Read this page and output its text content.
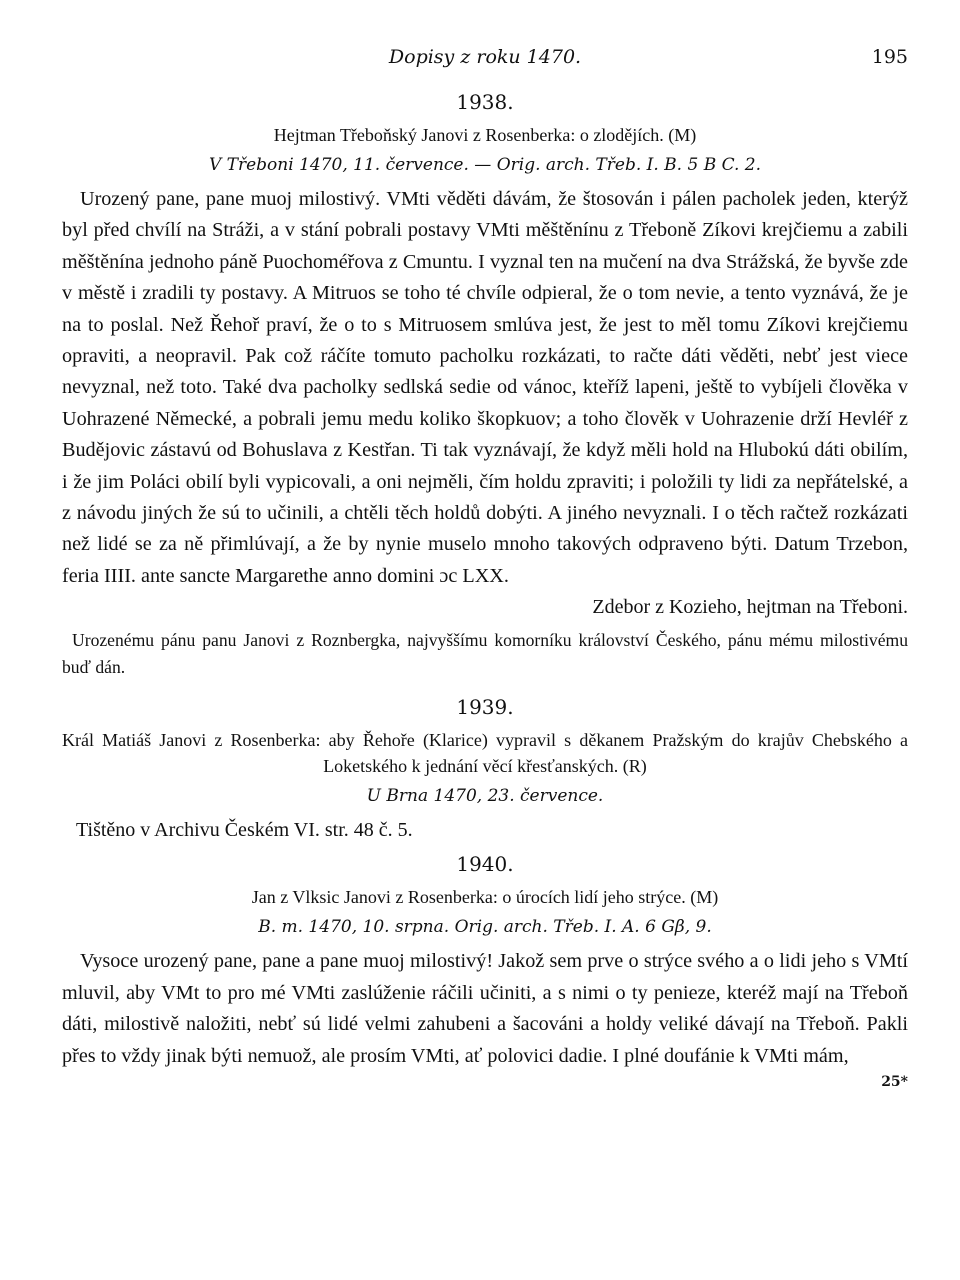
Dopisy z roku 1470.	195
1938.
Hejtman Třeboňský Janovi z Rosenberka: o zlodějích. (M)
V Třeboni 1470, 11. července. — Orig. arch. Třeb. I. B. 5 B C. 2.

Urozený pane, pane muoj milostivý. VMti věděti dávám, že štosován i pálen pacholek jeden, kterýž byl před chvílí na Stráži, a v stání pobrali postavy VMti měštěnínu z Třeboně Zíkovi krejčiemu a zabili měštěnína jednoho páně Puochoméřova z Cmuntu. I vyznal ten na mučení na dva Strážská, že byvše zde v městě i zradili ty postavy. A Mitruos se toho té chvíle odpieral, že o tom nevie, a tento vyznává, že je na to poslal. Než Řehoř praví, že o to s Mitruosem smlúva jest, že jest to měl tomu Zíkovi krejčiemu opraviti, a neopravil. Pak což ráčíte tomuto pacholku rozkázati, to račte dáti věděti, nebť jest viece nevyznal, než toto. Také dva pacholky sedlská sedie od vánoc, kteříž lapeni, ještě to vybíjeli člověka v Uohrazené Německé, a pobrali jemu medu koliko škopkuov; a toho člověk v Uohrazenie drží Hevléř z Budějovic zástavú od Bohuslava z Kestřan. Ti tak vyznávají, že když měli hold na Hlubokú dáti obilím, i že jim Poláci obilí byli vypicovali, a oni nejměli, čím holdu zpraviti; i položili ty lidi za nepřátelské, a z návodu jiných že sú to učinili, a chtěli těch holdů dobýti. A jiného nevyznali. I o těch račtež rozkázati než lidé se za ně přimlúvají, a že by nynie muselo mnoho takových odpraveno býti. Datum Trzebon, feria IIII. ante sancte Margarethe anno domini ɔc LXX.

Zdebor z Kozieho, hejtman na Třeboni.
Urozenému pánu panu Janovi z Roznbergka, najvyššímu komorníku království Českého, pánu mému milostivému buď dán.
1939.
Král Matiáš Janovi z Rosenberka: aby Řehoře (Klarice) vypravil s děkanem Pražským do krajův Chebského a Loketského k jednání věcí křesťanských. (R)
U Brna 1470, 23. července.

Tištěno v Archivu Českém VI. str. 48 č. 5.

1940.
Jan z Vlksic Janovi z Rosenberka: o úrocích lidí jeho strýce. (M)
B. m. 1470, 10. srpna. Orig. arch. Třeb. I. A. 6 Gβ, 9.

Vysoce urozený pane, pane a pane muoj milostivý! Jakož sem prve o strýce svého a o lidi jeho s VMtí mluvil, aby VMt to pro mé VMti zaslúženie ráčili učiniti, a s nimi o ty penieze, kteréž mají na Třeboň dáti, milostivě naložiti, nebť sú lidé velmi zahubeni a šacováni a holdy veliké dávají na Třeboň. Pakli přes to vždy jinak býti nemuož, ale prosím VMti, ať polovici dadie. I plné doufánie k VMti mám,

25*
